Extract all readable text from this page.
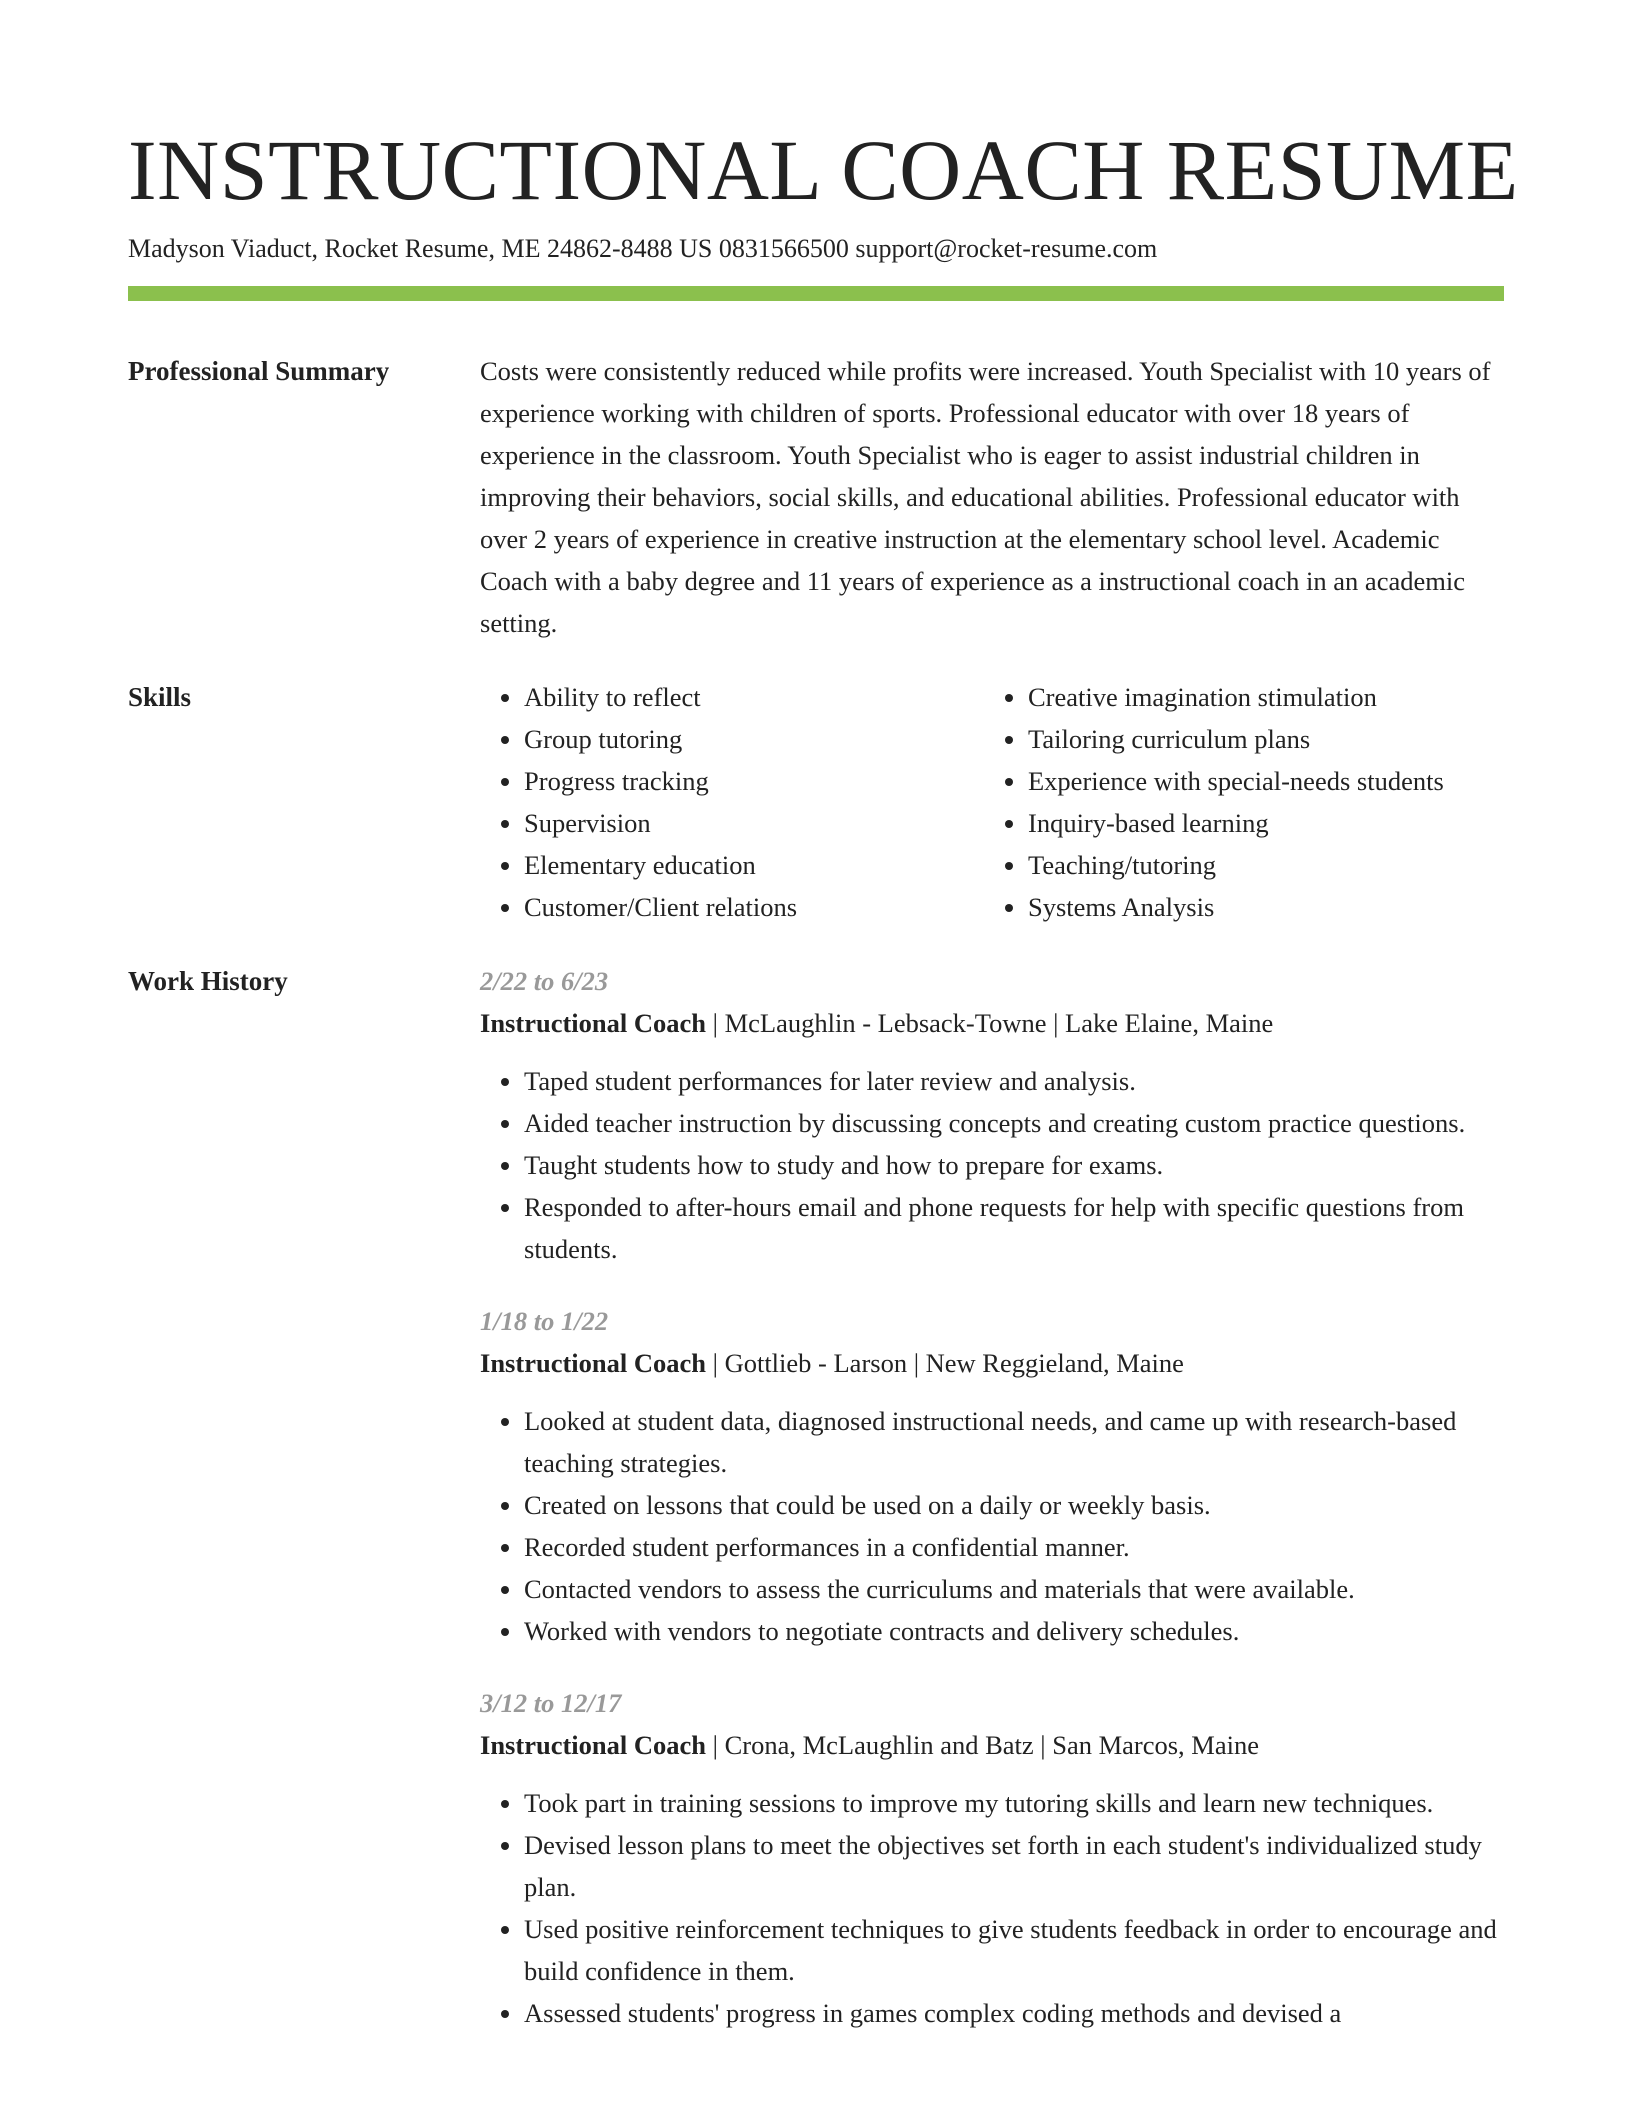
INSTRUCTIONAL COACH RESUME
Madyson Viaduct, Rocket Resume, ME 24862-8488 US 0831566500 support@rocket-resume.com
Professional Summary	Costs were consistently reduced while profits were increased. Youth Specialist with 10 years of experience working with children of sports. Professional educator with over 18 years of experience in the classroom. Youth Specialist who is eager to assist industrial children in improving their behaviors, social skills, and educational abilities. Professional educator with over 2 years of experience in creative instruction at the elementary school level. Academic Coach with a baby degree and 11 years of experience as a instructional coach in an academic setting.

Skills
•	Ability to reflect
• Group tutoring
• Progress tracking
• Supervision
• Elementary education
• Customer/Client relations
• Creative imagination stimulation
• Tailoring curriculum plans
• Experience with special-needs students
• Inquiry-based learning
• Teaching/tutoring
• Systems Analysis
Work History	2/22 to 6/23
Instructional Coach | McLaughlin - Lebsack-Towne | Lake Elaine, Maine
• Taped student performances for later review and analysis.
• Aided teacher instruction by discussing concepts and creating custom practice questions.
• Taught students how to study and how to prepare for exams.
• Responded to after-hours email and phone requests for help with specific questions from students.
1/18 to 1/22
Instructional Coach | Gottlieb - Larson | New Reggieland, Maine
• Looked at student data, diagnosed instructional needs, and came up with research-based teaching strategies.
• Created on lessons that could be used on a daily or weekly basis.
• Recorded student performances in a confidential manner.
• Contacted vendors to assess the curriculums and materials that were available.
• Worked with vendors to negotiate contracts and delivery schedules.
3/12 to 12/17
Instructional Coach | Crona, McLaughlin and Batz | San Marcos, Maine
• Took part in training sessions to improve my tutoring skills and learn new techniques.
• Devised lesson plans to meet the objectives set forth in each student's individualized study plan.
• Used positive reinforcement techniques to give students feedback in order to encourage and build confidence in them.
• Assessed students' progress in games complex coding methods and devised a
